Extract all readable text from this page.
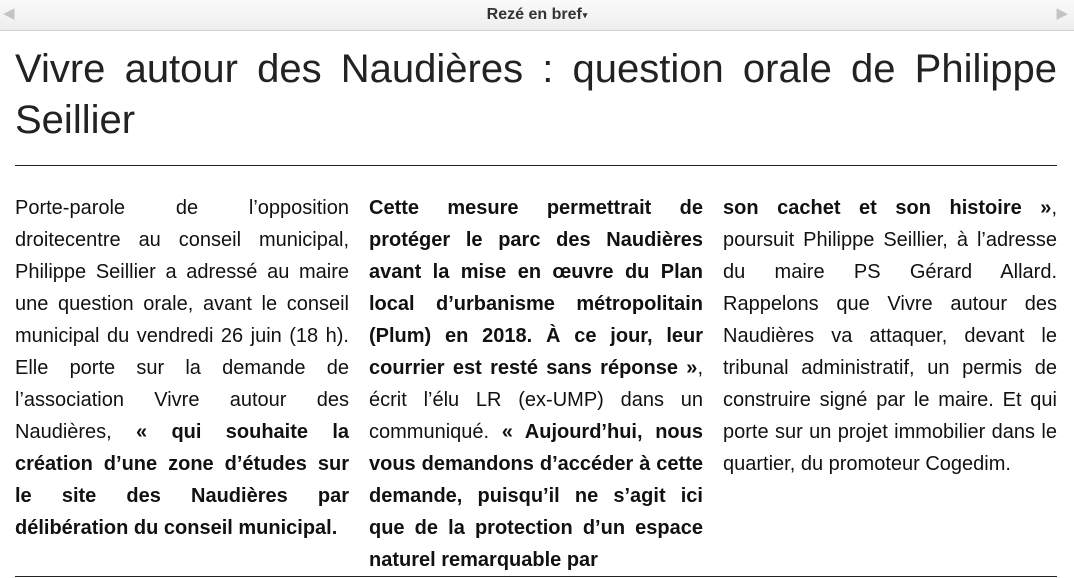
◀	Rezé en bref▾	▶
Vivre autour des Naudières : question orale de Philippe Seillier
Porte-parole de l’opposition droitecentre au conseil municipal, Philippe Seillier a adressé au maire une question orale, avant le conseil municipal du vendredi 26 juin (18 h). Elle porte sur la demande de l’association Vivre autour des Naudières, « qui souhaite la création d’une zone d’études sur le site des Naudières par délibération du conseil municipal.
Cette mesure permettrait de protéger le parc des Naudières avant la mise en œuvre du Plan local d’urbanisme métropolitain (Plum) en 2018. À ce jour, leur courrier est resté sans réponse », écrit l’élu LR (ex-UMP) dans un communiqué. « Aujourd’hui, nous vous demandons d’accéder à cette demande, puisqu’il ne s’agit ici que de la protection d’un espace naturel remarquable par
son cachet et son histoire », poursuit Philippe Seillier, à l’adresse du maire PS Gérard Allard. Rappelons que Vivre autour des Naudières va attaquer, devant le tribunal administratif, un permis de construire signé par le maire. Et qui porte sur un projet immobilier dans le quartier, du promoteur Cogedim.
